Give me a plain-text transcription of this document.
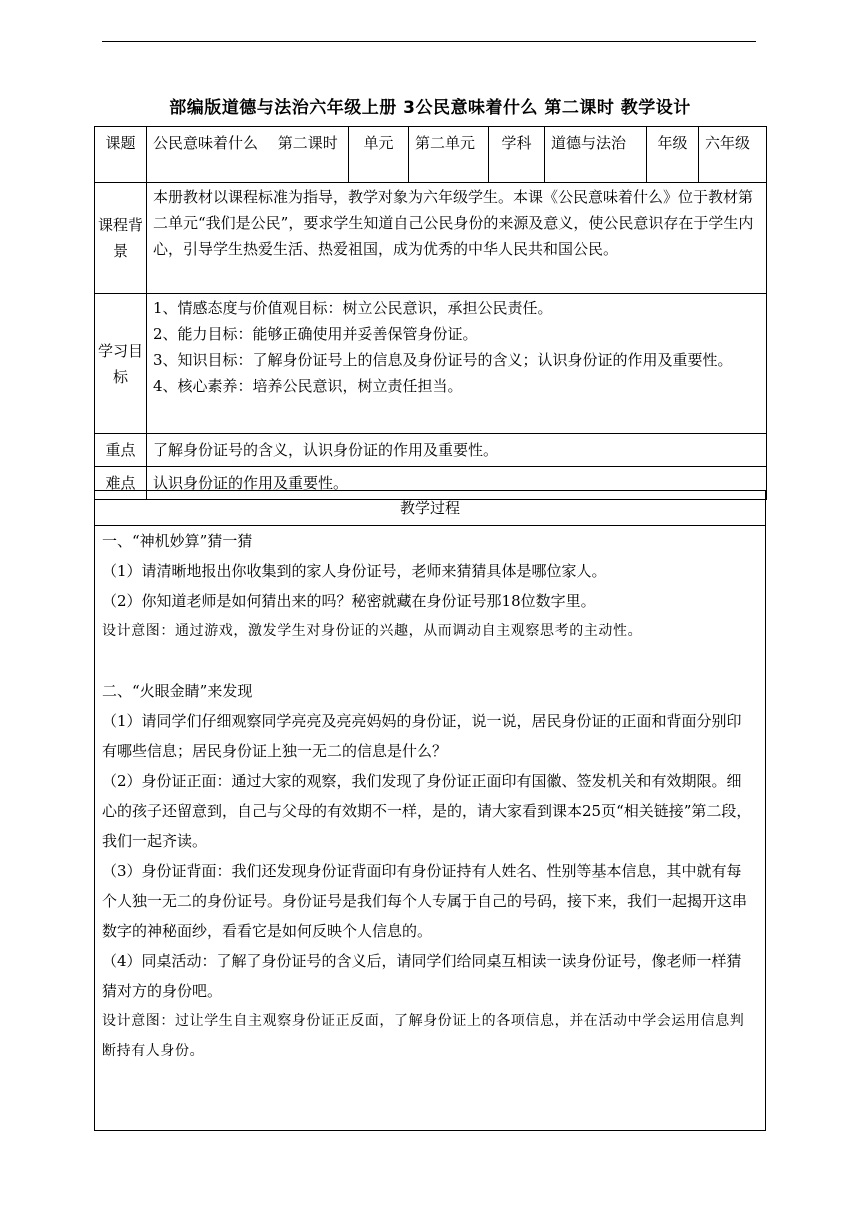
部编版道德与法治六年级上册 3公民意味着什么 第二课时 教学设计
课题	公民意味着什么　 第二课时	单元	第二单元	学科	道德与法治	年级	六年级
课程背景	本册教材以课程标准为指导，教学对象为六年级学生。本课《公民意味着什么》位于教材第二单元“我们是公民”，要求学生知道自己公民身份的来源及意义，使公民意识存在于学生内心，引导学生热爱生活、热爱祖国，成为优秀的中华人民共和国公民。						
学习目标	1、情感态度与价值观目标：树立公民意识，承担公民责任。

2、能力目标：能够正确使用并妥善保管身份证。

3、知识目标：了解身份证号上的信息及身份证号的含义；认识身份证的作用及重要性。

4、核心素养：培养公民意识，树立责任担当。						

重点	了解身份证号的含义，认识身份证的作用及重要性。						
难点	认识身份证的作用及重要性。						
教学过程

一、“神机妙算”猜一猜

（1）请清晰地报出你收集到的家人身份证号，老师来猜猜具体是哪位家人。

（2）你知道老师是如何猜出来的吗？秘密就藏在身份证号那18位数字里。

设计意图：通过游戏，激发学生对身份证的兴趣，从而调动自主观察思考的主动性。

二、“火眼金睛”来发现

（1）请同学们仔细观察同学亮亮及亮亮妈妈的身份证，说一说，居民身份证的正面和背面分别印有哪些信息；居民身份证上独一无二的信息是什么？

（2）身份证正面：通过大家的观察，我们发现了身份证正面印有国徽、签发机关和有效期限。细心的孩子还留意到，自己与父母的有效期不一样，是的，请大家看到课本25页“相关链接”第二段，我们一起齐读。

（3）身份证背面：我们还发现身份证背面印有身份证持有人姓名、性别等基本信息，其中就有每个人独一无二的身份证号。身份证号是我们每个人专属于自己的号码，接下来，我们一起揭开这串数字的神秘面纱，看看它是如何反映个人信息的。

（4）同桌活动：了解了身份证号的含义后，请同学们给同桌互相读一读身份证号，像老师一样猜猜对方的身份吧。

设计意图：过让学生自主观察身份证正反面，了解身份证上的各项信息，并在活动中学会运用信息判断持有人身份。
